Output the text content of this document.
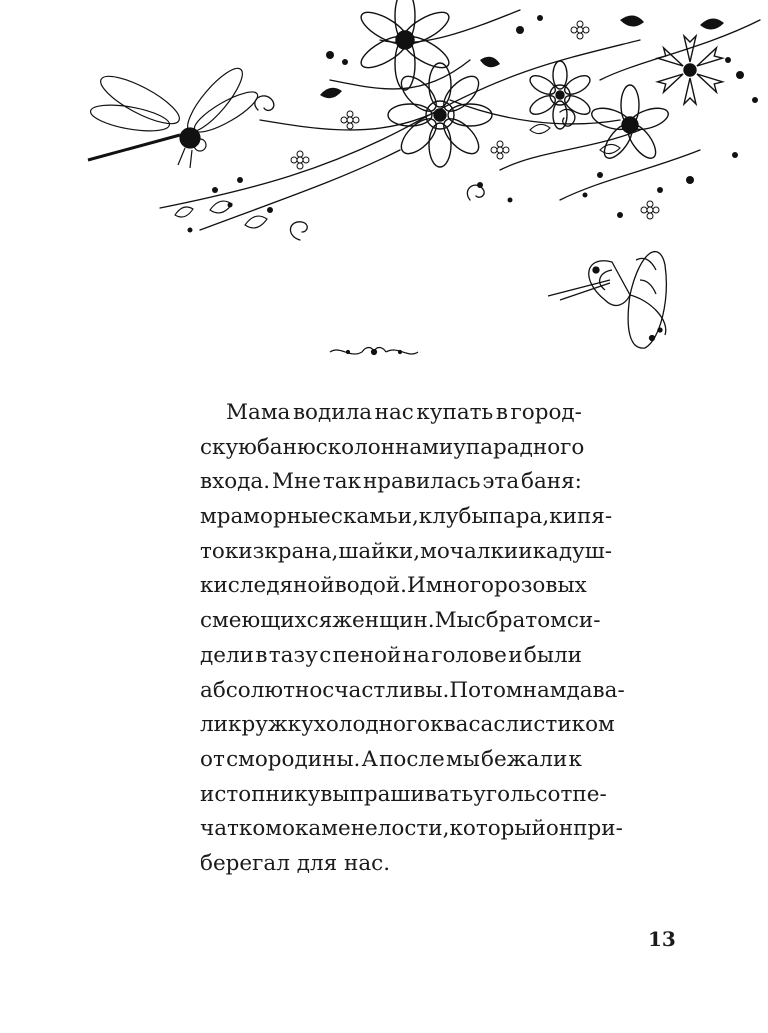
Мама водила нас купать в город-
скую баню с колоннами у парадного
входа. Мне так нравилась эта баня:
мраморные скамьи, клубы пара, кипя-
ток из крана, шайки, мочалки и кадуш-
ки с ледяной водой. И много розовых
смеющихся женщин. Мы с братом си-
дели в тазу с пеной на голове и были
абсолютно счастливы. Потом нам дава-
ли кружку холодного кваса с листиком
от смородины. А после мы бежали к
истопнику выпрашивать уголь с отпе-
чатком окаменелости, который он при-
берегал для нас.
13
